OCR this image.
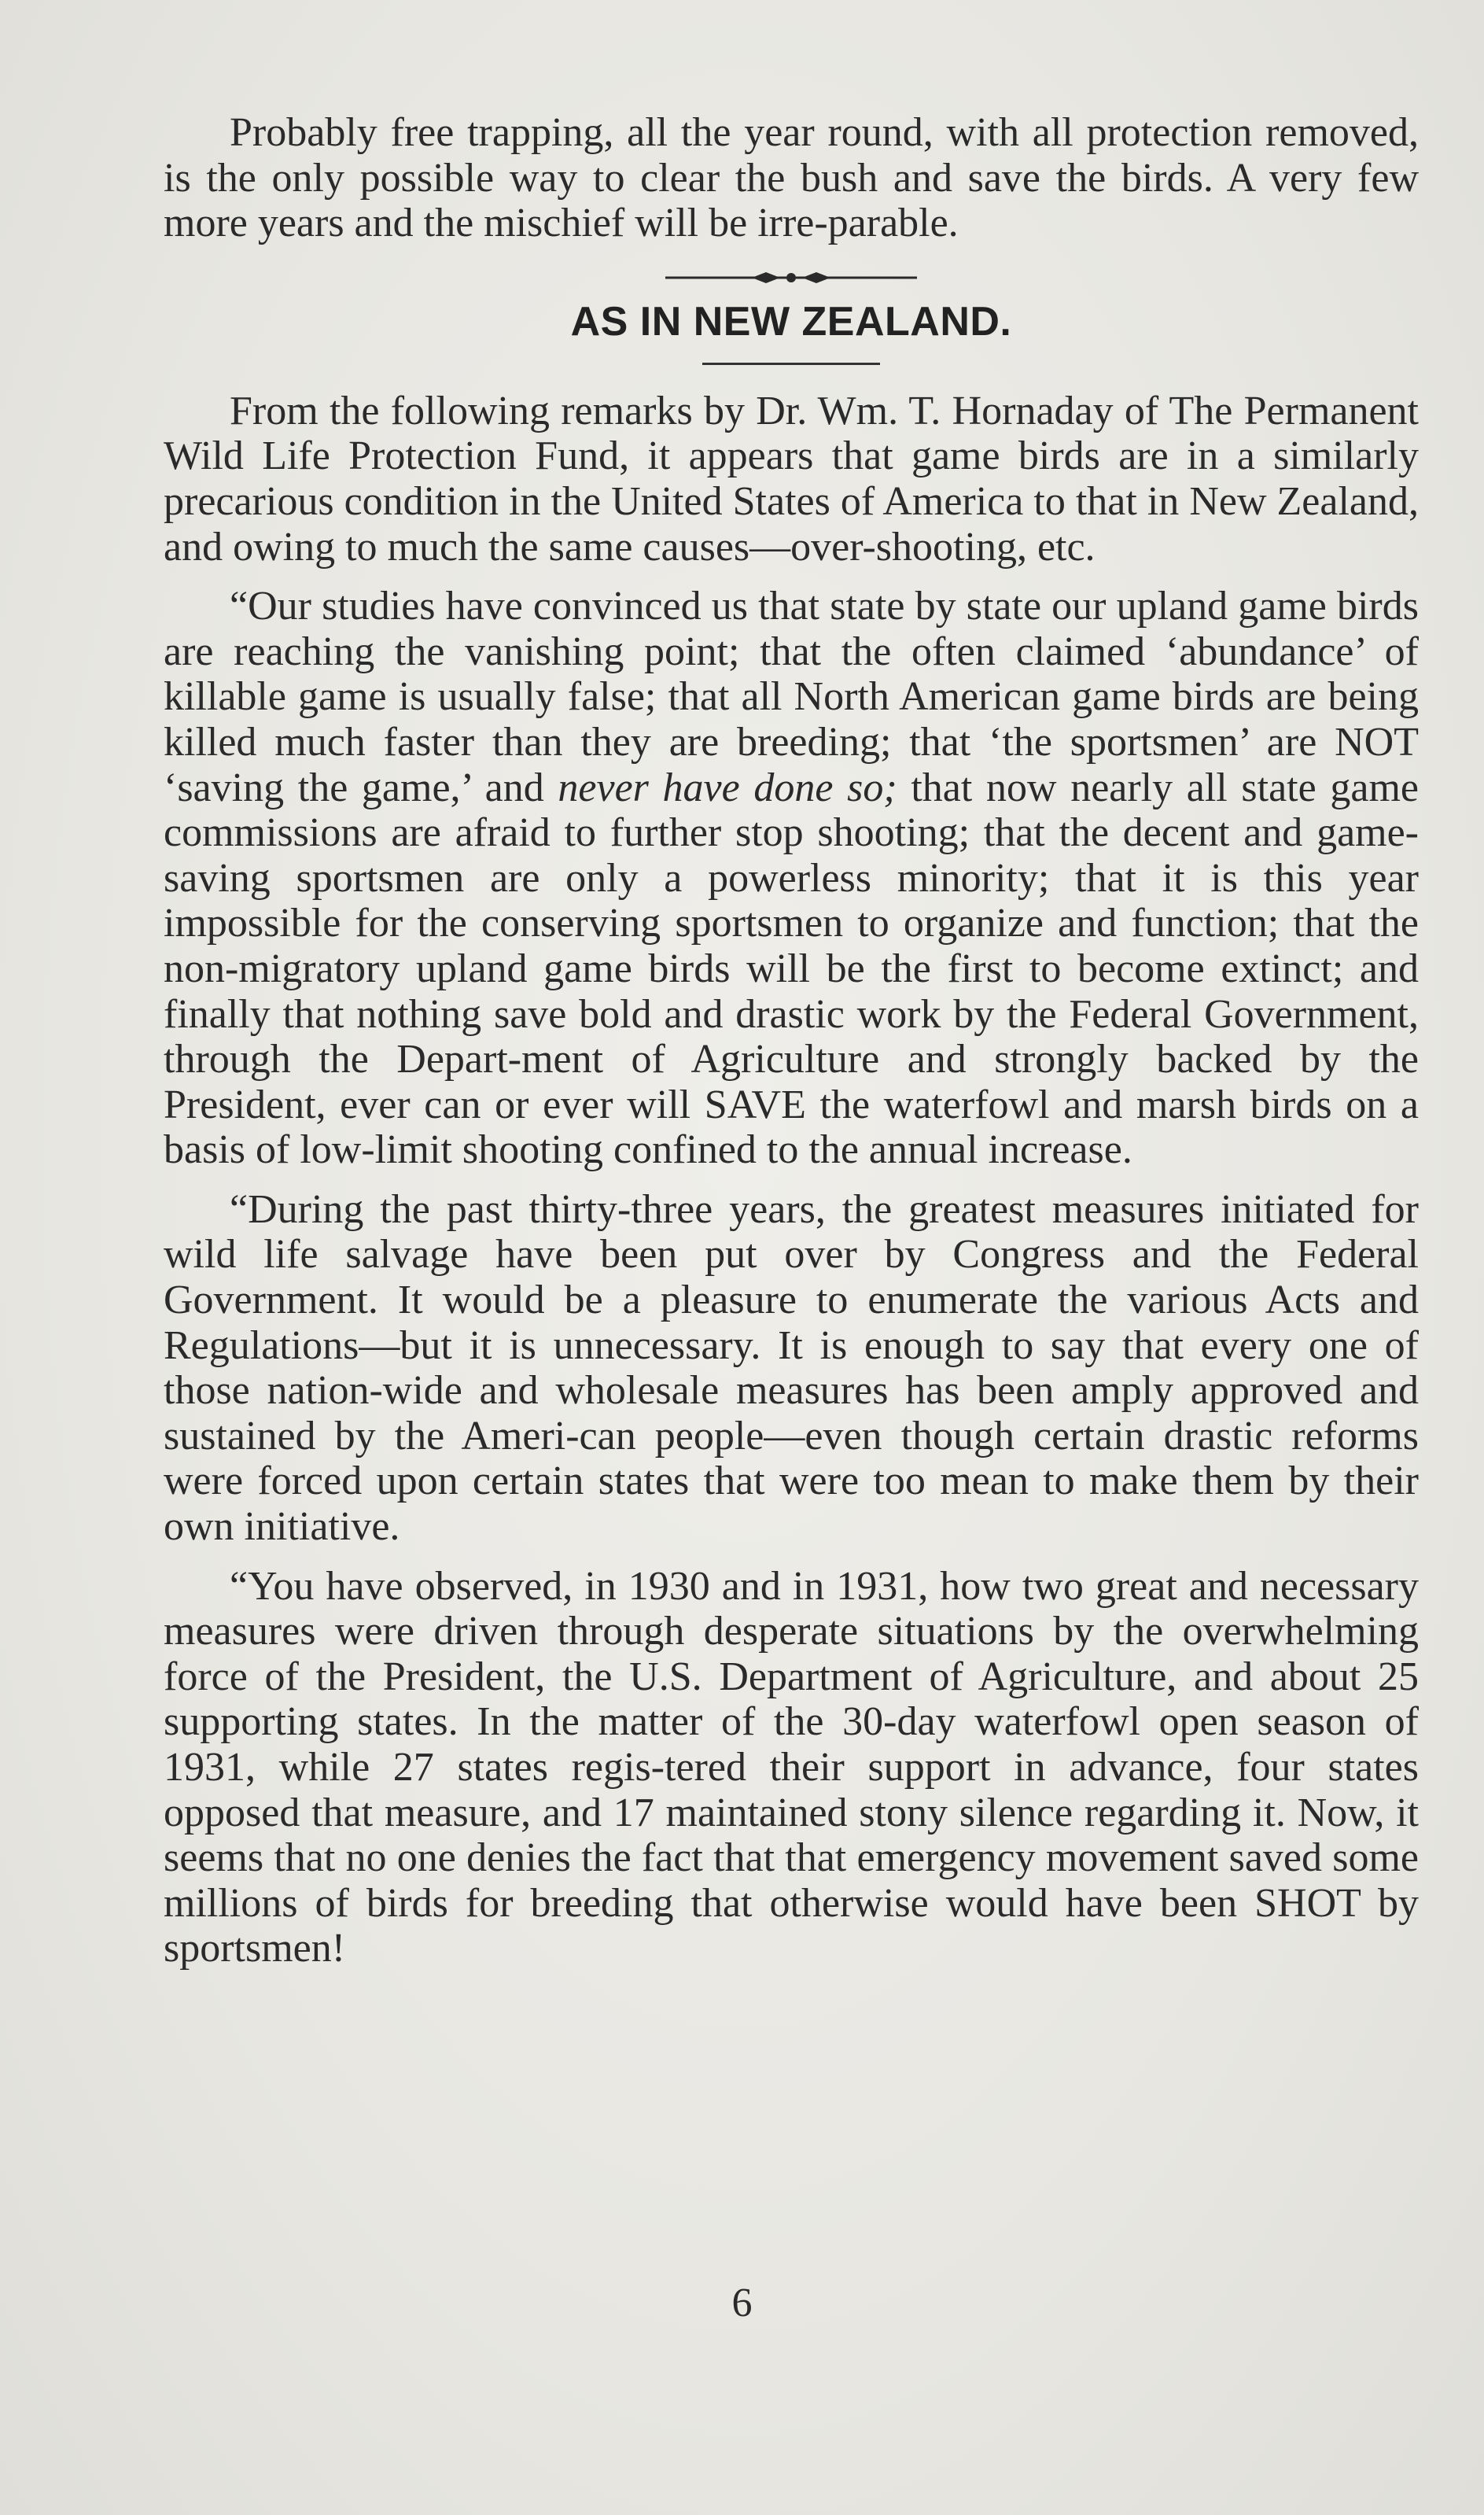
Probably free trapping, all the year round, with all protection removed, is the only possible way to clear the bush and save the birds. A very few more years and the mischief will be irre-parable.

AS IN NEW ZEALAND.

From the following remarks by Dr. Wm. T. Hornaday of The Permanent Wild Life Protection Fund, it appears that game birds are in a similarly precarious condition in the United States of America to that in New Zealand, and owing to much the same causes—over-shooting, etc.

“Our studies have convinced us that state by state our upland game birds are reaching the vanishing point; that the often claimed ‘abundance’ of killable game is usually false; that all North American game birds are being killed much faster than they are breeding; that ‘the sportsmen’ are NOT ‘saving the game,’ and never have done so; that now nearly all state game commissions are afraid to further stop shooting; that the decent and game-saving sportsmen are only a powerless minority; that it is this year impossible for the conserving sportsmen to organize and function; that the non-migratory upland game birds will be the first to become extinct; and finally that nothing save bold and drastic work by the Federal Government, through the Depart-ment of Agriculture and strongly backed by the President, ever can or ever will SAVE the waterfowl and marsh birds on a basis of low-limit shooting confined to the annual increase.

“During the past thirty-three years, the greatest measures initiated for wild life salvage have been put over by Congress and the Federal Government. It would be a pleasure to enumerate the various Acts and Regulations—but it is unnecessary. It is enough to say that every one of those nation-wide and wholesale measures has been amply approved and sustained by the Ameri-can people—even though certain drastic reforms were forced upon certain states that were too mean to make them by their own initiative.

“You have observed, in 1930 and in 1931, how two great and necessary measures were driven through desperate situations by the overwhelming force of the President, the U.S. Department of Agriculture, and about 25 supporting states. In the matter of the 30-day waterfowl open season of 1931, while 27 states regis-tered their support in advance, four states opposed that measure, and 17 maintained stony silence regarding it. Now, it seems that no one denies the fact that that emergency movement saved some millions of birds for breeding that otherwise would have been SHOT by sportsmen!

6
